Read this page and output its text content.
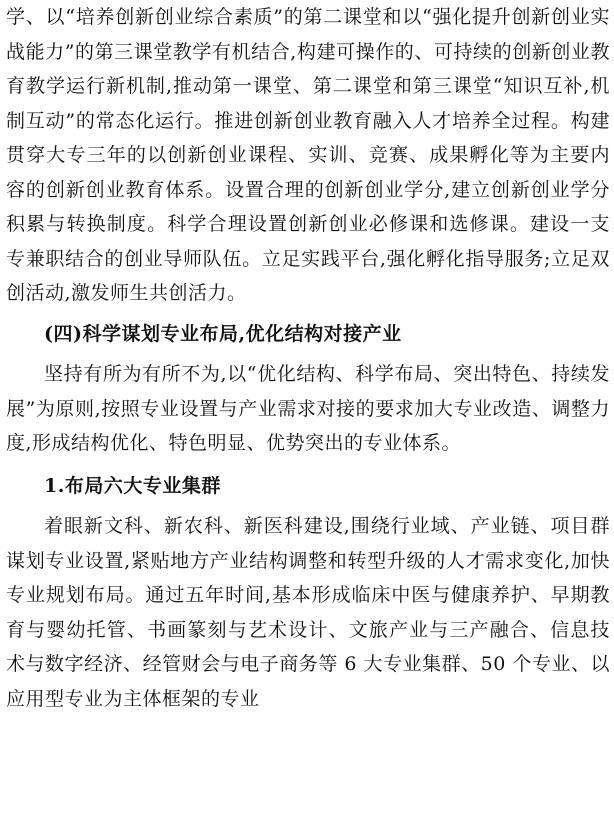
学、以“培养创新创业综合素质”的第二课堂和以“强化提升创新创业实战能力”的第三课堂教学有机结合,构建可操作的、可持续的创新创业教育教学运行新机制,推动第一课堂、第二课堂和第三课堂“知识互补,机制互动”的常态化运行。推进创新创业教育融入人才培养全过程。构建贯穿大专三年的以创新创业课程、实训、竞赛、成果孵化等为主要内容的创新创业教育体系。设置合理的创新创业学分,建立创新创业学分积累与转换制度。科学合理设置创新创业必修课和选修课。建设一支专兼职结合的创业导师队伍。立足实践平台,强化孵化指导服务;立足双创活动,激发师生共创活力。

(四)科学谋划专业布局,优化结构对接产业

坚持有所为有所不为,以“优化结构、科学布局、突出特色、持续发展”为原则,按照专业设置与产业需求对接的要求加大专业改造、调整力度,形成结构优化、特色明显、优势突出的专业体系。

1.布局六大专业集群

着眼新文科、新农科、新医科建设,围绕行业域、产业链、项目群谋划专业设置,紧贴地方产业结构调整和转型升级的人才需求变化,加快专业规划布局。通过五年时间,基本形成临床中医与健康养护、早期教育与婴幼托管、书画篆刻与艺术设计、文旅产业与三产融合、信息技术与数字经济、经管财会与电子商务等 6 大专业集群、50 个专业、以应用型专业为主体框架的专业
